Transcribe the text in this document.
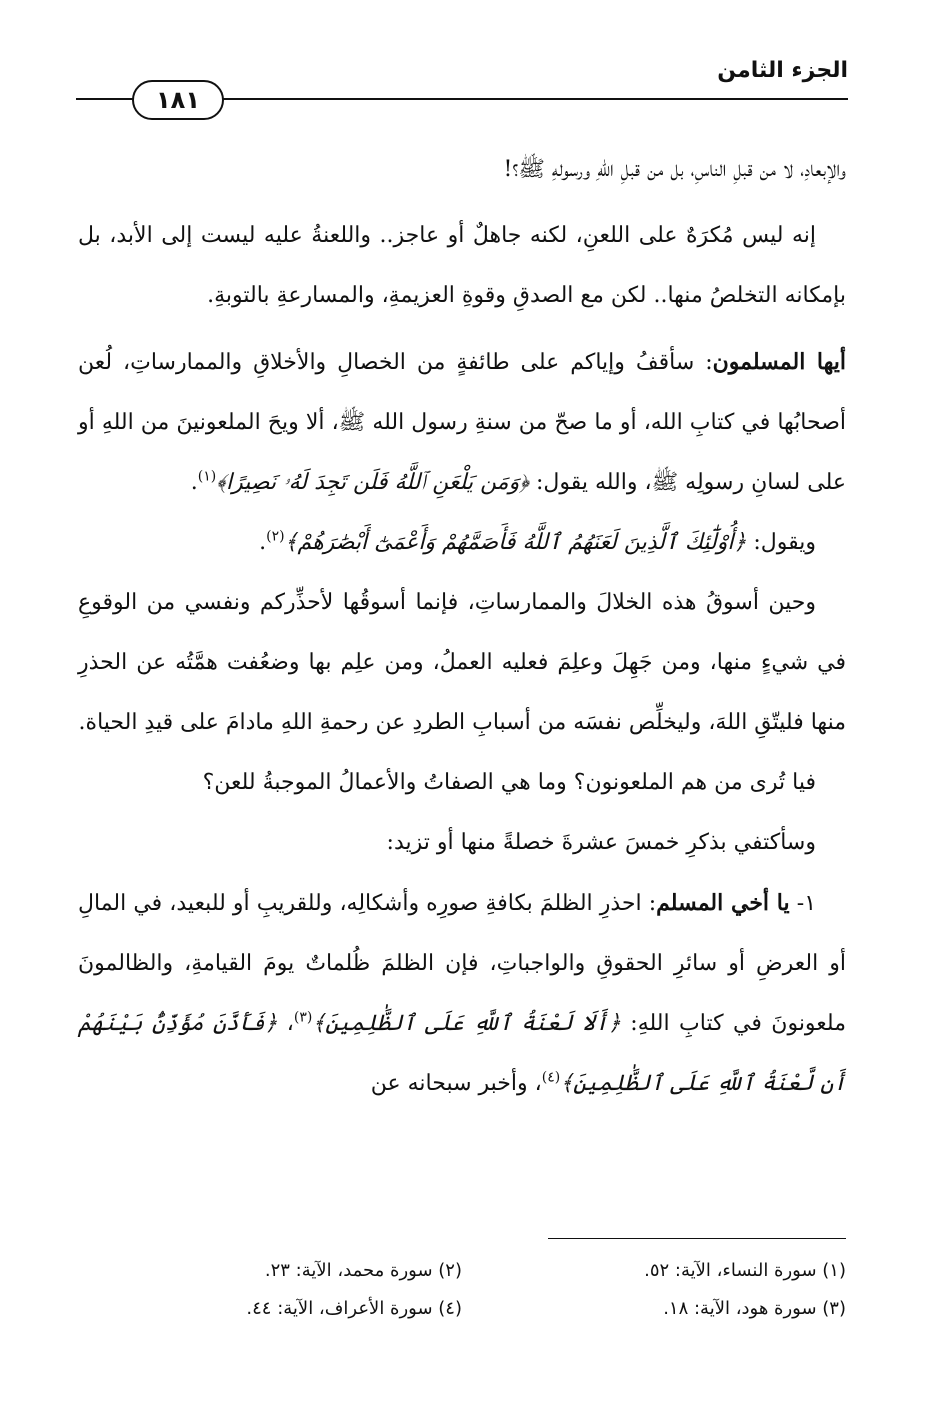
الجزء الثامن
١٨١

والإبعادِ، لا من قبلِ الناسِ، بل من قبلِ اللهِ ورسولهِ ﷺ؟!

إنه ليس مُكرَهٌ على اللعنِ، لكنه جاهلٌ أو عاجز.. واللعنةُ عليه ليست إلى الأبد، بل بإمكانه التخلصُ منها.. لكن مع الصدقِ وقوةِ العزيمةِ، والمسارعةِ بالتوبةِ.

أيها المسلمون: سأقفُ وإياكم على طائفةٍ من الخصالِ والأخلاقِ والممارساتِ، لُعن أصحابُها في كتابِ الله، أو ما صحّ من سنةِ رسول الله ﷺ، ألا ويحَ الملعونينَ من اللهِ أو على لسانِ رسولِه ﷺ، والله يقول: ﴿وَمَن يَلْعَنِ ٱللَّهُ فَلَن تَجِدَ لَهُۥ نَصِيرًا﴾$^{(١)}$.

ويقول: ﴿أُوْلَٰٓئِكَ ٱلَّذِينَ لَعَنَهُمُ ٱللَّهُ فَأَصَمَّهُمْ وَأَعْمَىٰٓ أَبْصَٰرَهُمْ﴾$^{(٢)}$.

وحين أسوقُ هذه الخلالَ والممارساتِ، فإنما أسوقُها لأحذِّركم ونفسي من الوقوعِ في شيءٍ منها، ومن جَهِلَ وعلِمَ فعليه العملُ، ومن علِم بها وضعُفت همَّتُه عن الحذرِ منها فليتّقِ اللهَ، وليخلِّص نفسَه من أسبابِ الطردِ عن رحمةِ اللهِ مادامَ على قيدِ الحياة.

فيا تُرى من هم الملعونون؟ وما هي الصفاتُ والأعمالُ الموجبةُ للعن؟

وسأكتفي بذكرِ خمسَ عشرةَ خصلةً منها أو تزيد:

١- يا أخي المسلم: احذرِ الظلمَ بكافةِ صورِه وأشكالِه، وللقريبِ أو للبعيد، في المالِ أو العرضِ أو سائرِ الحقوقِ والواجباتِ، فإن الظلمَ ظُلماتٌ يومَ القيامةِ، والظالمونَ ملعونونَ في كتابِ اللهِ: ﴿أَلَا لَعْنَةُ ٱللَّهِ عَلَى ٱلظَّٰلِمِينَ﴾$^{(٣)}$، ﴿فَأَذَّنَ مُؤَذِّنٌۢ بَيْنَهُمْ أَن لَّعْنَةُ ٱللَّهِ عَلَى ٱلظَّٰلِمِينَ﴾$^{(٤)}$، وأخبر سبحانه عن

(١) سورة النساء، الآية: ٥٢.
(٢) سورة محمد، الآية: ٢٣.
(٣) سورة هود، الآية: ١٨.
(٤) سورة الأعراف، الآية: ٤٤.
